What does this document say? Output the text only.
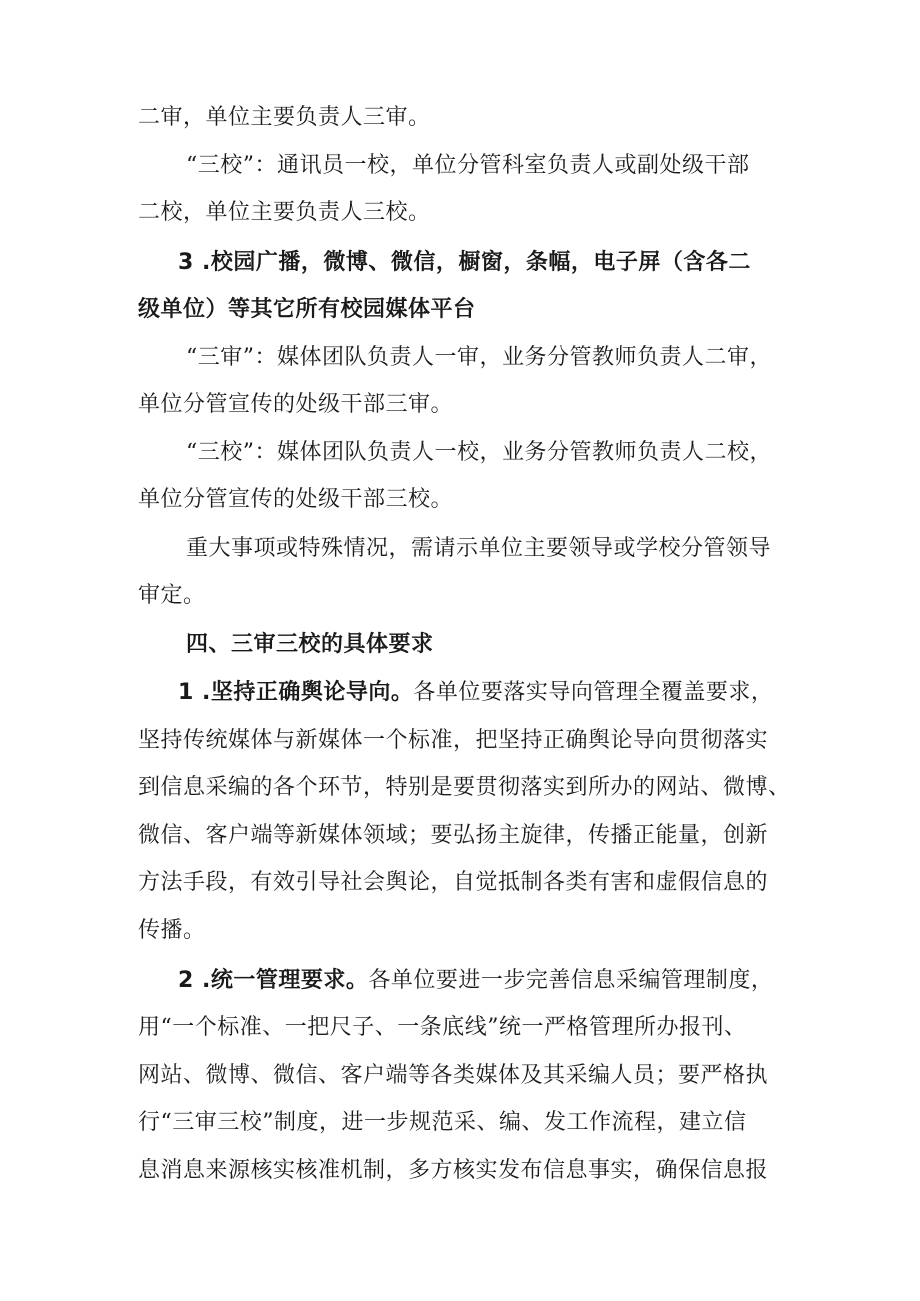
二审，单位主要负责人三审。
“三校”：通讯员一校，单位分管科室负责人或副处级干部
二校，单位主要负责人三校。
3 .校园广播，微博、微信，橱窗，条幅，电子屏（含各二
级单位）等其它所有校园媒体平台
“三审”：媒体团队负责人一审，业务分管教师负责人二审，
单位分管宣传的处级干部三审。
“三校”：媒体团队负责人一校，业务分管教师负责人二校，
单位分管宣传的处级干部三校。
重大事项或特殊情况，需请示单位主要领导或学校分管领导
审定。
四、三审三校的具体要求
1 .坚持正确舆论导向。各单位要落实导向管理全覆盖要求，
坚持传统媒体与新媒体一个标准，把坚持正确舆论导向贯彻落实
到信息采编的各个环节，特别是要贯彻落实到所办的网站、微博、
微信、客户端等新媒体领域；要弘扬主旋律，传播正能量，创新
方法手段，有效引导社会舆论，自觉抵制各类有害和虚假信息的
传播。
2 .统一管理要求。各单位要进一步完善信息采编管理制度，
用“一个标准、一把尺子、一条底线”统一严格管理所办报刊、
网站、微博、微信、客户端等各类媒体及其采编人员；要严格执
行“三审三校”制度，进一步规范采、编、发工作流程，建立信
息消息来源核实核准机制，多方核实发布信息事实，确保信息报
